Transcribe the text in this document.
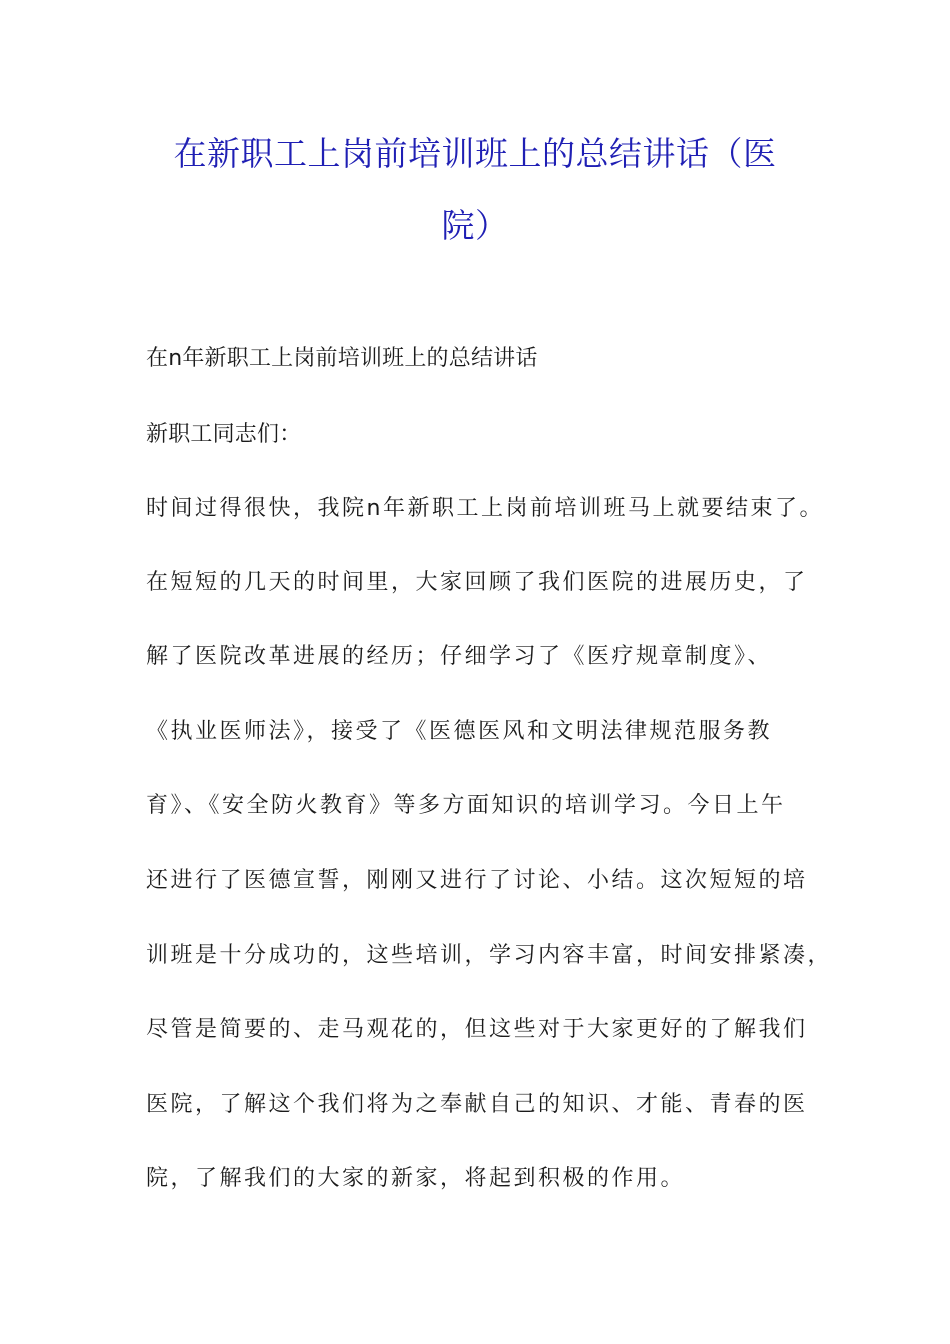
在新职工上岗前培训班上的总结讲话（医
院）
在n年新职工上岗前培训班上的总结讲话
新职工同志们：
时间过得很快，我院n年新职工上岗前培训班马上就要结束了。
在短短的几天的时间里，大家回顾了我们医院的进展历史，了
解了医院改革进展的经历；仔细学习了《医疗规章制度》、
《执业医师法》，接受了《医德医风和文明法律规范服务教
育》、《安全防火教育》等多方面知识的培训学习。今日上午
还进行了医德宣誓，刚刚又进行了讨论、小结。这次短短的培
训班是十分成功的，这些培训，学习内容丰富，时间安排紧凑，
尽管是简要的、走马观花的，但这些对于大家更好的了解我们
医院，了解这个我们将为之奉献自己的知识、才能、青春的医
院，了解我们的大家的新家，将起到积极的作用。
